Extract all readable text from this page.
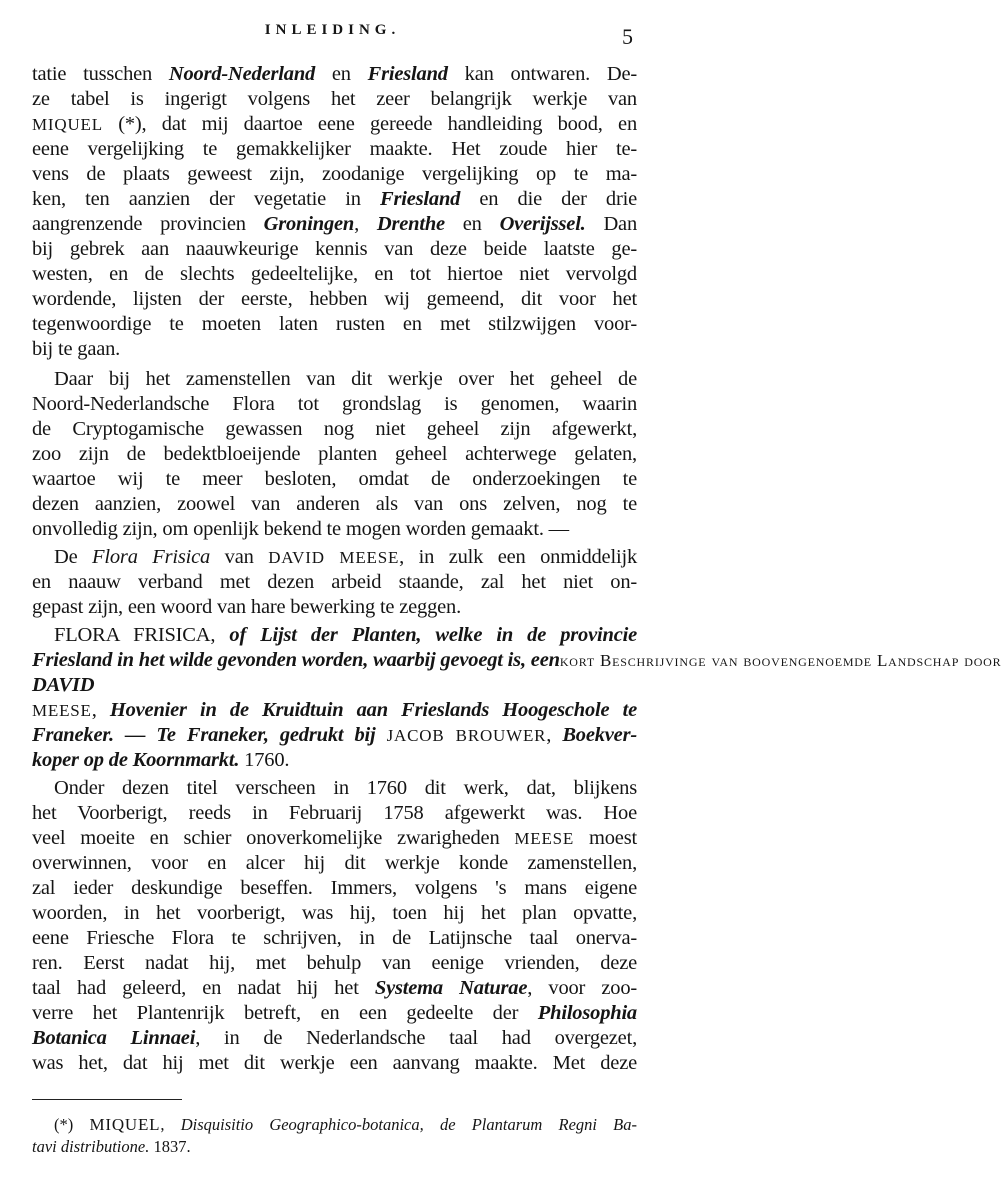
INLEIDING.	5
tatie tusschen Noord-Nederland en Friesland kan ontwaren. De-
ze tabel is ingerigt volgens het zeer belangrijk werkje van
MIQUEL (*), dat mij daartoe eene gereede handleiding bood, en
eene vergelijking te gemakkelijker maakte. Het zoude hier te-
vens de plaats geweest zijn, zoodanige vergelijking op te ma-
ken, ten aanzien der vegetatie in Friesland en die der drie
aangrenzende provincien Groningen, Drenthe en Overijssel. Dan
bij gebrek aan naauwkeurige kennis van deze beide laatste ge-
westen, en de slechts gedeeltelijke, en tot hiertoe niet vervolgd
wordende, lijsten der eerste, hebben wij gemeend, dit voor het
tegenwoordige te moeten laten rusten en met stilzwijgen voor-
bij te gaan.
Daar bij het zamenstellen van dit werkje over het geheel de
Noord-Nederlandsche Flora tot grondslag is genomen, waarin
de Cryptogamische gewassen nog niet geheel zijn afgewerkt,
zoo zijn de bedektbloeijende planten geheel achterwege gelaten,
waartoe wij te meer besloten, omdat de onderzoekingen te
dezen aanzien, zoowel van anderen als van ons zelven, nog te
onvolledig zijn, om openlijk bekend te mogen worden gemaakt. —
De Flora Frisica van DAVID MEESE, in zulk een onmiddelijk
en naauw verband met dezen arbeid staande, zal het niet on-
gepast zijn, een woord van hare bewerking te zeggen.
FLORA FRISICA, of Lijst der Planten, welke in de provincie
Friesland in het wilde gevonden worden, waarbij gevoegt is, eenkort Beschrijvinge van boovengenoemde Landschap door
DAVID
MEESE, Hovenier in de Kruidtuin aan Frieslands Hoogeschole te
Franeker. — Te Franeker, gedrukt bij JACOB BROUWER, Boekver-
koper op de Koornmarkt. 1760.
Onder dezen titel verscheen in 1760 dit werk, dat, blijkens
het Voorberigt, reeds in Februarij 1758 afgewerkt was. Hoe
veel moeite en schier onoverkomelijke zwarigheden MEESE moest
overwinnen, voor en alcer hij dit werkje konde zamenstellen,
zal ieder deskundige beseffen. Immers, volgens 's mans eigene
woorden, in het voorberigt, was hij, toen hij het plan opvatte,
eene Friesche Flora te schrijven, in de Latijnsche taal onerva-
ren. Eerst nadat hij, met behulp van eenige vrienden, deze
taal had geleerd, en nadat hij het Systema Naturae, voor zoo-
verre het Plantenrijk betreft, en een gedeelte der Philosophia
Botanica Linnaei, in de Nederlandsche taal had overgezet,
was het, dat hij met dit werkje een aanvang maakte. Met deze
(*) MIQUEL, Disquisitio Geographico-botanica, de Plantarum Regni Ba-
tavi distributione. 1837.
